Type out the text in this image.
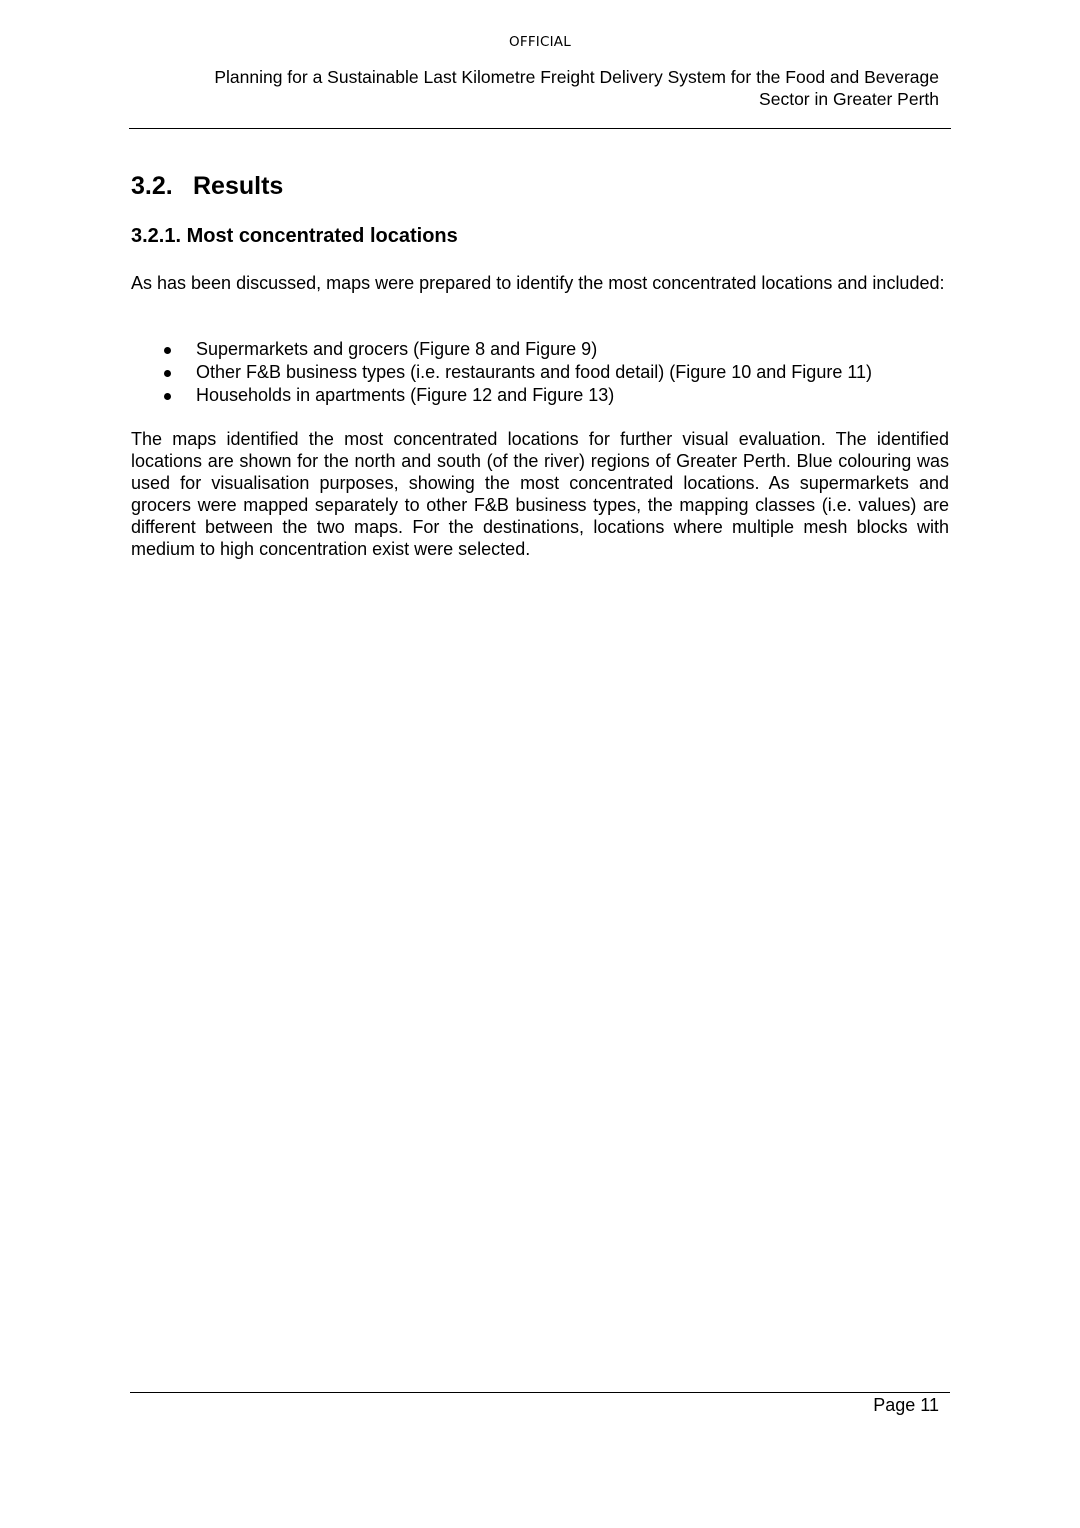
OFFICIAL
Planning for a Sustainable Last Kilometre Freight Delivery System for the Food and Beverage
Sector in Greater Perth
3.2. Results
3.2.1. Most concentrated locations

As has been discussed, maps were prepared to identify the most concentrated locations and included:

Supermarkets and grocers (Figure 8 and Figure 9)
Other F&B business types (i.e. restaurants and food detail) (Figure 10 and Figure 11)
Households in apartments (Figure 12 and Figure 13)

The maps identified the most concentrated locations for further visual evaluation. The identified locations are shown for the north and south (of the river) regions of Greater Perth. Blue colouring was used for visualisation purposes, showing the most concentrated locations. As supermarkets and grocers were mapped separately to other F&B business types, the mapping classes (i.e. values) are different between the two maps. For the destinations, locations where multiple mesh blocks with medium to high concentration exist were selected.

Page 11
